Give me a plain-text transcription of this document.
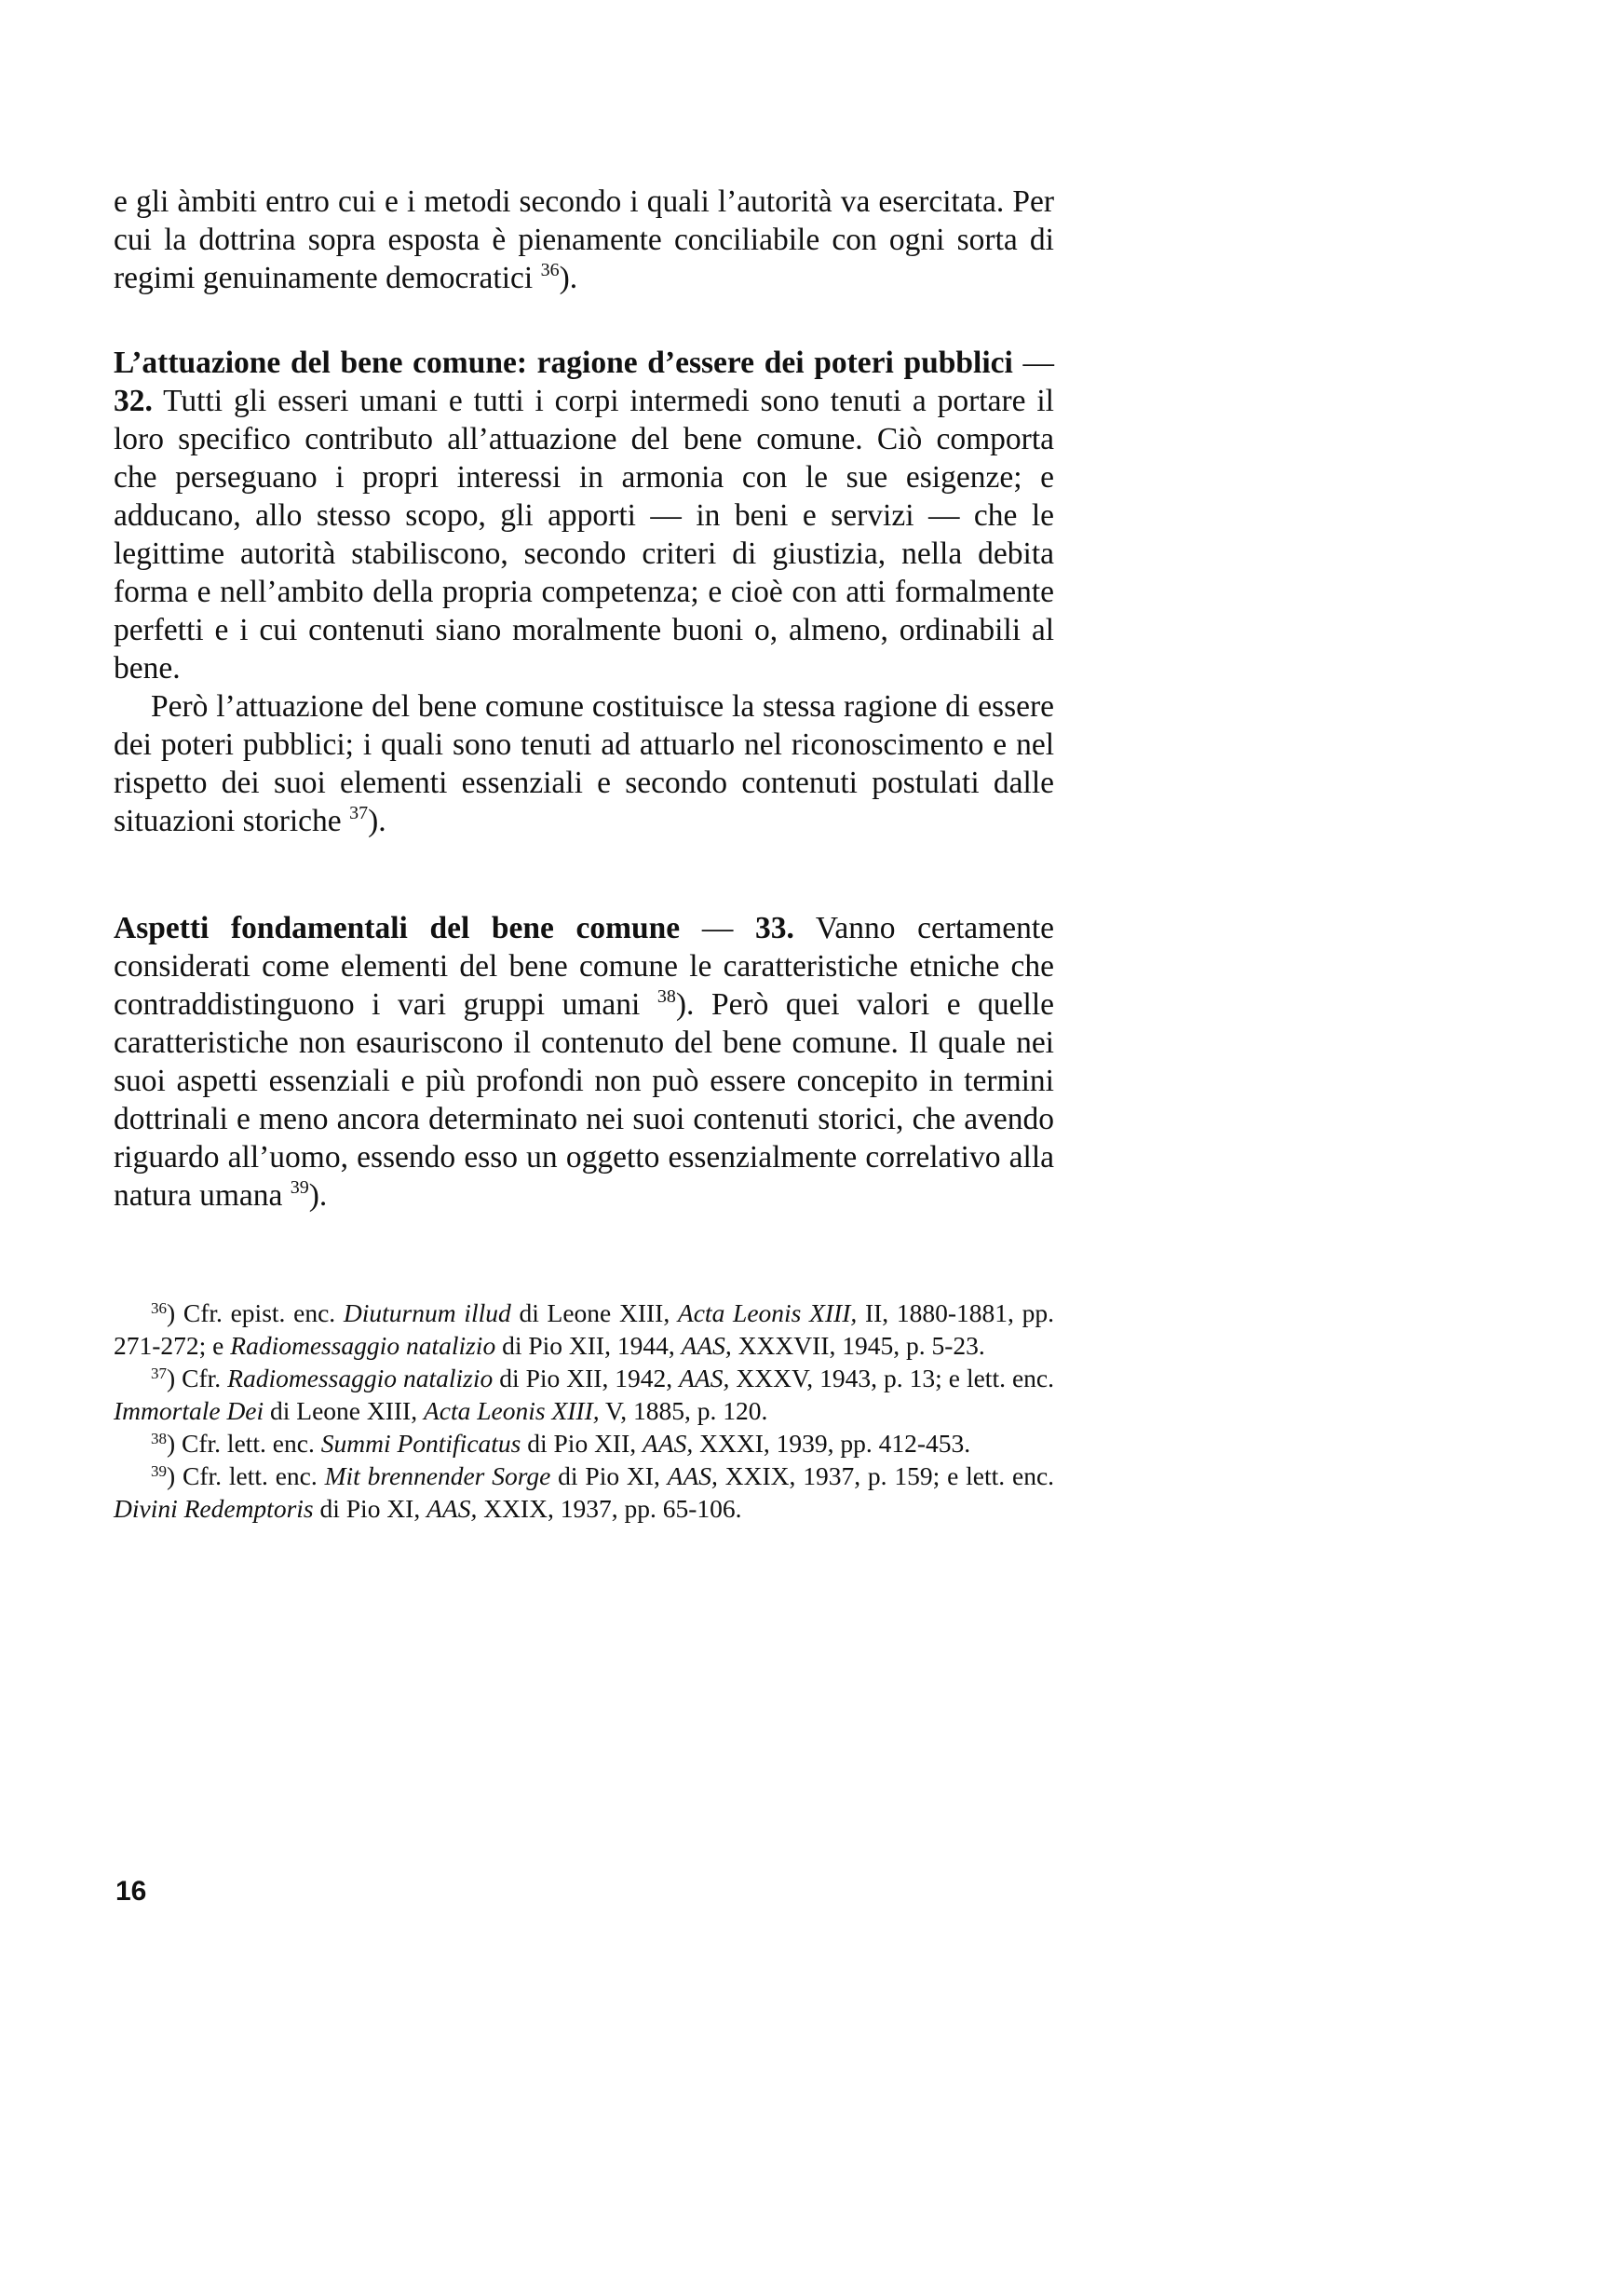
e gli àmbiti entro cui e i metodi secondo i quali l’autorità va esercitata. Per cui la dottrina sopra esposta è pienamente conciliabile con ogni sorta di regimi genuinamente democratici $^{36}$).

L’attuazione del bene comune: ragione d’essere dei poteri pubblici — 32. Tutti gli esseri umani e tutti i corpi intermedi sono tenuti a portare il loro specifico contributo all’attuazione del bene comune. Ciò comporta che perseguano i propri interessi in armonia con le sue esigenze; e adducano, allo stesso scopo, gli apporti — in beni e servizi — che le legittime autorità stabiliscono, secondo criteri di giustizia, nella debita forma e nell’ambito della propria competenza; e cioè con atti formalmente perfetti e i cui contenuti siano moralmente buoni o, almeno, ordinabili al bene.

Però l’attuazione del bene comune costituisce la stessa ragione di essere dei poteri pubblici; i quali sono tenuti ad attuarlo nel riconoscimento e nel rispetto dei suoi elementi essenziali e secondo contenuti postulati dalle situazioni storiche $^{37}$).

Aspetti fondamentali del bene comune — 33. Vanno certamente considerati come elementi del bene comune le caratteristiche etniche che contraddistinguono i vari gruppi umani $^{38}$). Però quei valori e quelle caratteristiche non esauriscono il contenuto del bene comune. Il quale nei suoi aspetti essenziali e più profondi non può essere concepito in termini dottrinali e meno ancora determinato nei suoi contenuti storici, che avendo riguardo all’uomo, essendo esso un oggetto essenzialmente correlativo alla natura umana $^{39}$).

$^{36}$) Cfr. epist. enc. Diuturnum illud di Leone XIII, Acta Leonis XIII, II, 1880-1881, pp. 271-272; e Radiomessaggio natalizio di Pio XII, 1944, AAS, XXXVII, 1945, p. 5-23.

$^{37}$) Cfr. Radiomessaggio natalizio di Pio XII, 1942, AAS, XXXV, 1943, p. 13; e lett. enc. Immortale Dei di Leone XIII, Acta Leonis XIII, V, 1885, p. 120.

$^{38}$) Cfr. lett. enc. Summi Pontificatus di Pio XII, AAS, XXXI, 1939, pp. 412-453.

$^{39}$) Cfr. lett. enc. Mit brennender Sorge di Pio XI, AAS, XXIX, 1937, p. 159; e lett. enc. Divini Redemptoris di Pio XI, AAS, XXIX, 1937, pp. 65-106.

16
